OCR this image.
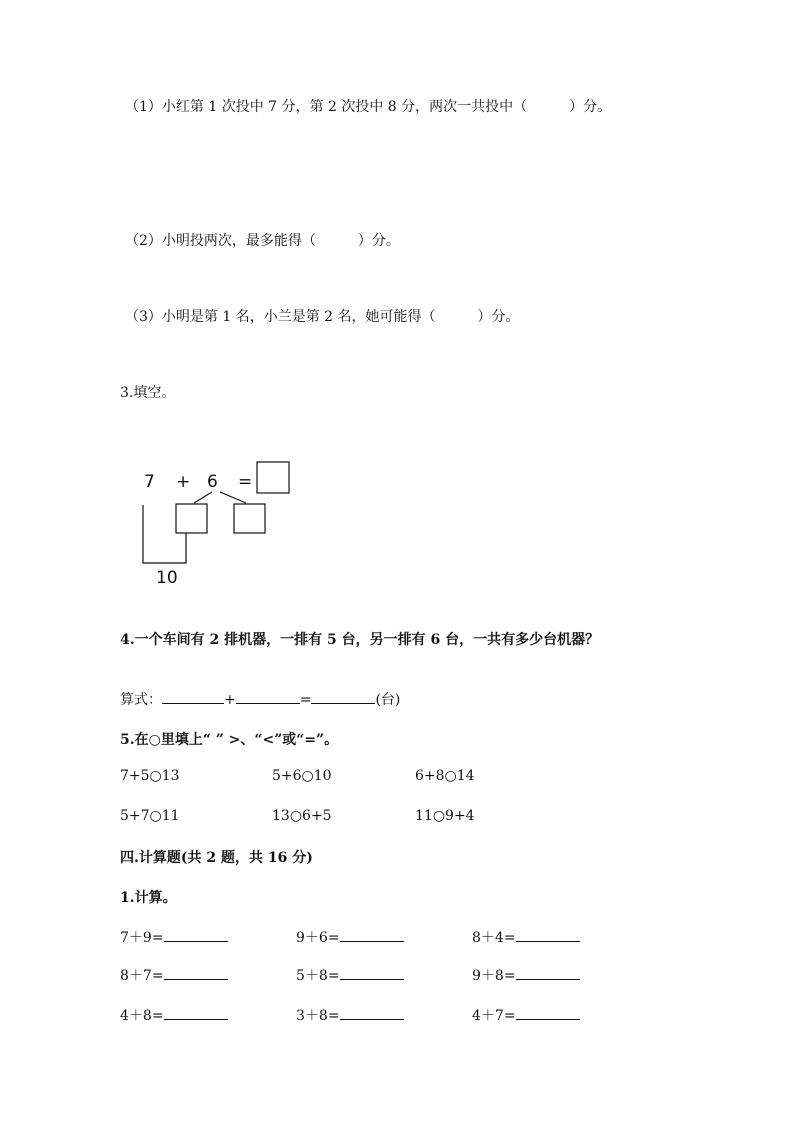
（1）小红第 1 次投中 7 分，第 2 次投中 8 分，两次一共投中（　　　）分。
（2）小明投两次，最多能得（　　　）分。
（3）小明是第 1 名，小兰是第 2 名，她可能得（　　　）分。
3.填空。
7 + 6 =
10
4.一个车间有 2 排机器，一排有 5 台，另一排有 6 台，一共有多少台机器？
算式：	+	=	(台)
5.在○里填上“ ” >、“<”或“=”。
7+5○13	5+6○10	6+8○14
5+7○11	13○6+5	11○9+4
四.计算题(共 2 题，共 16 分)
1.计算。
7＋9=	9＋6=	8＋4=
8＋7=	5＋8=	9＋8=
4＋8=	3＋8=	4＋7=
